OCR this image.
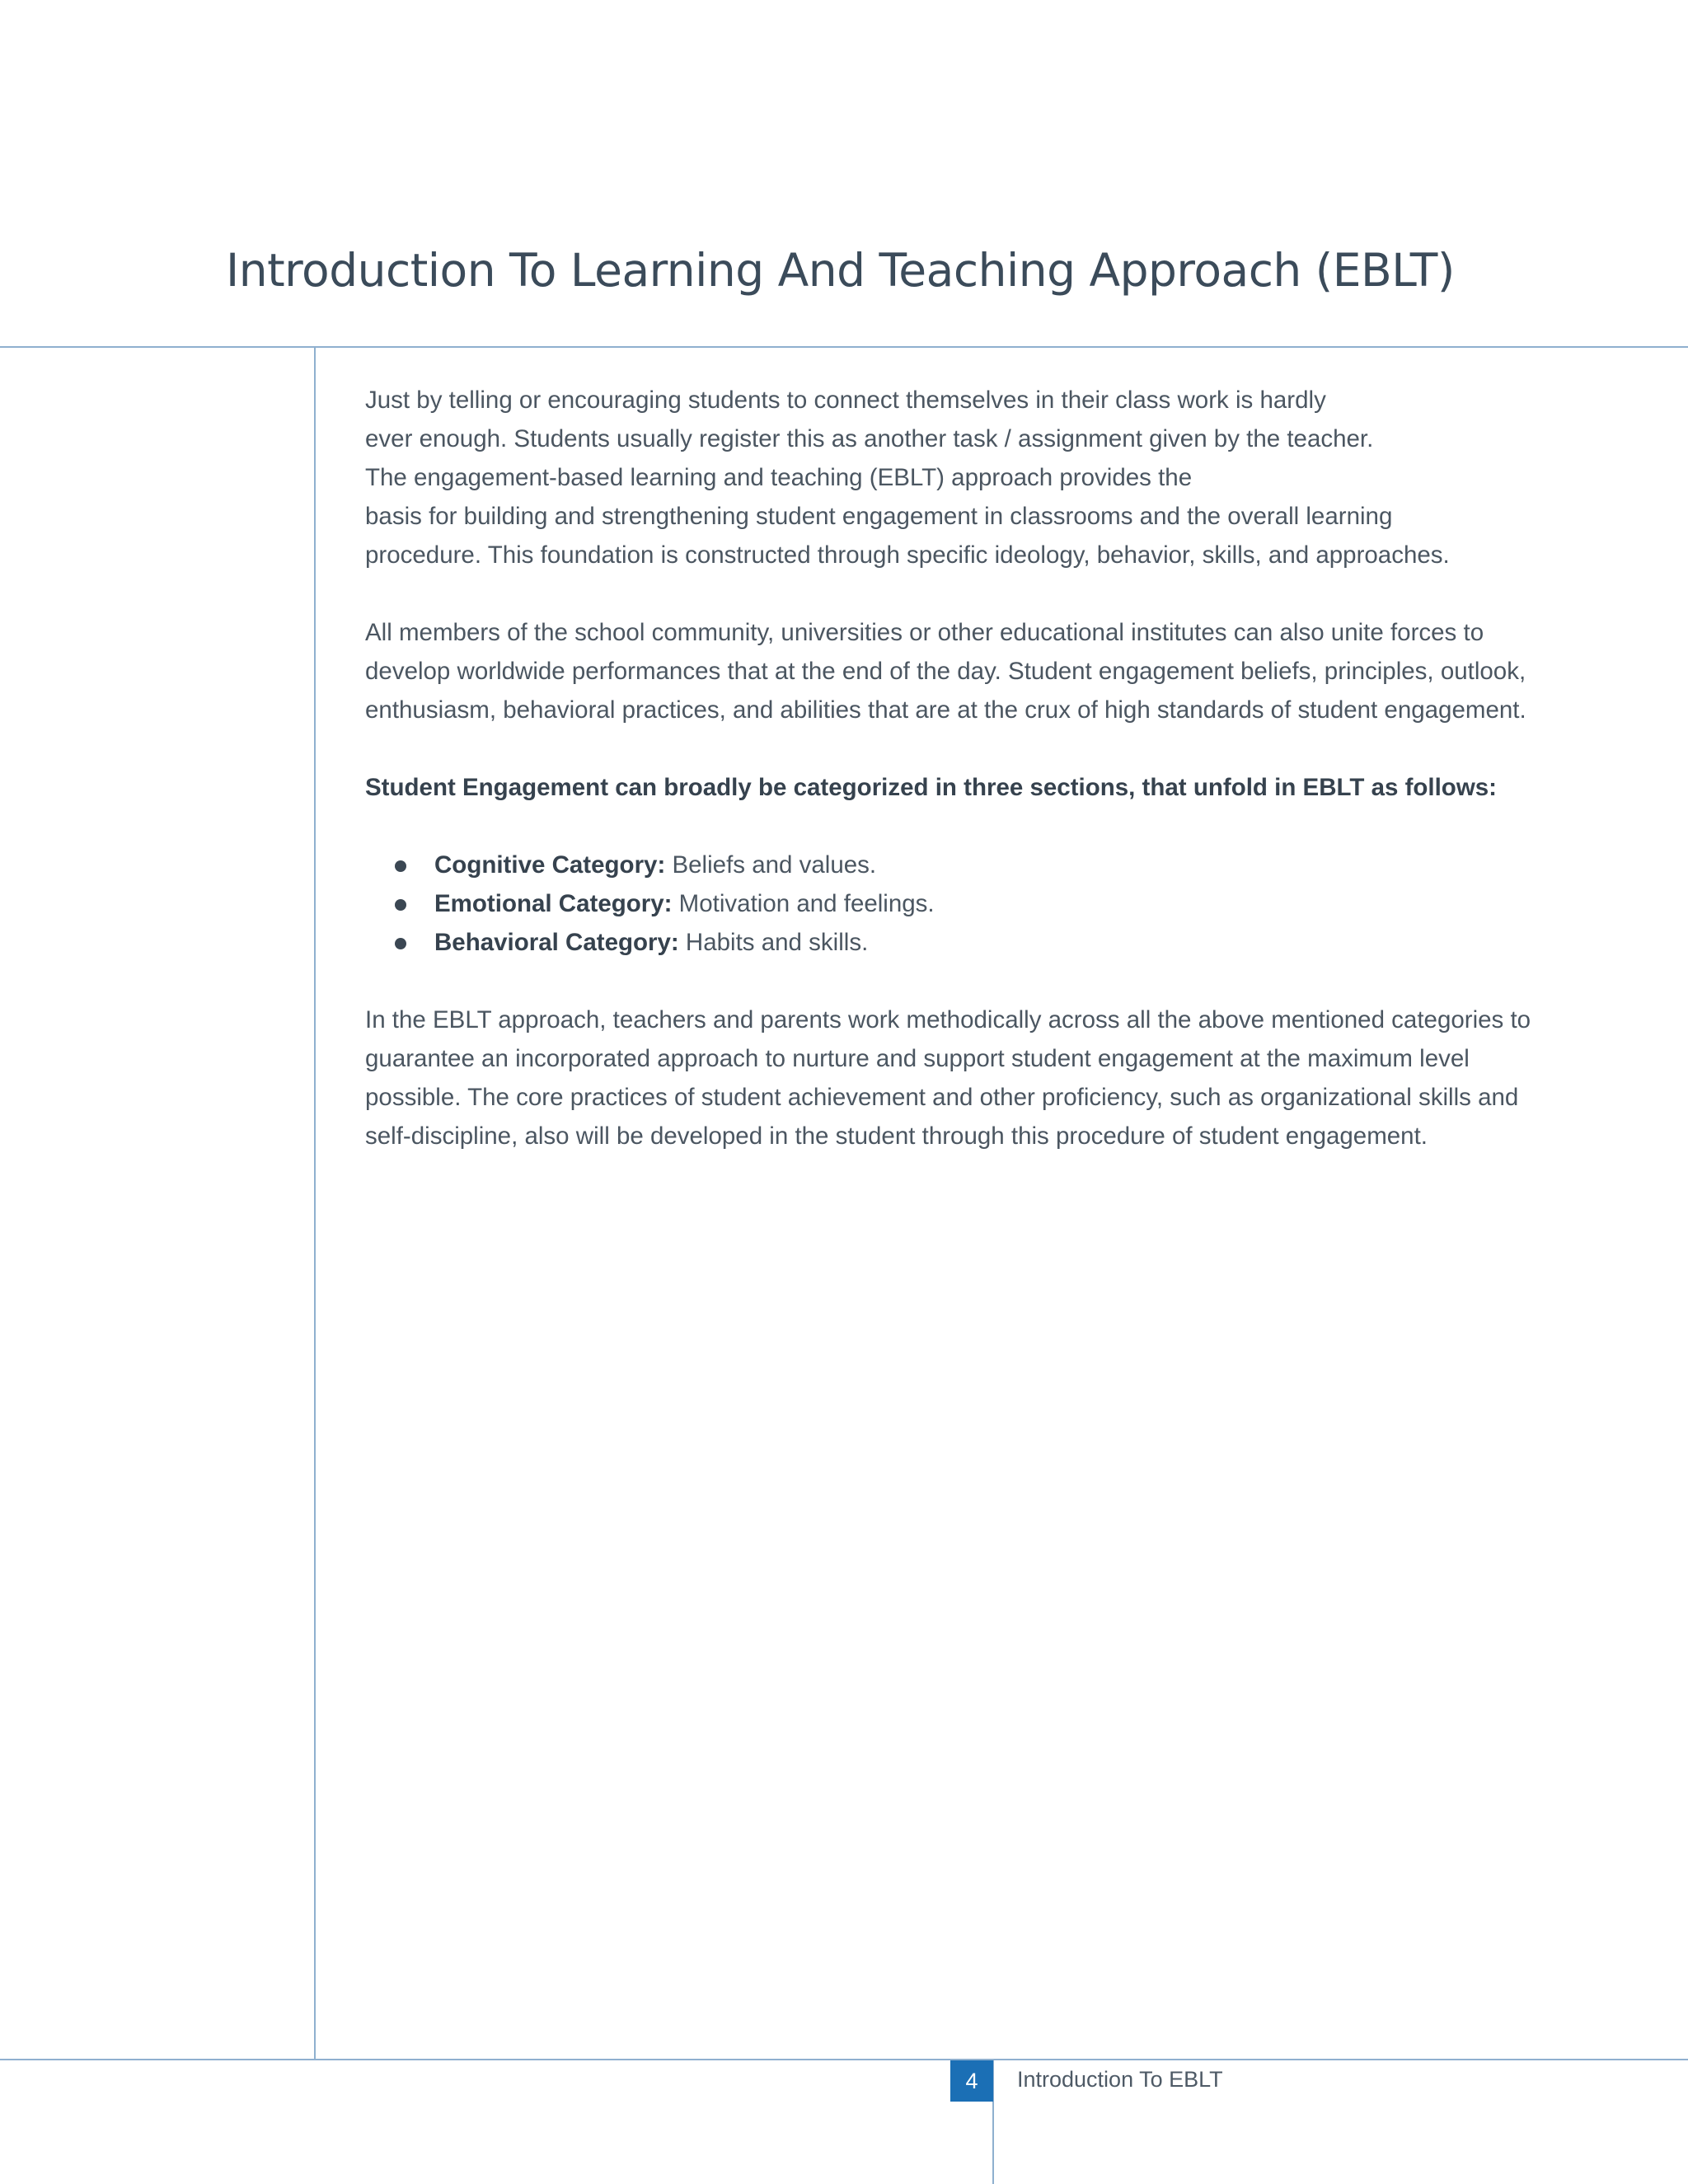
Introduction To Learning And Teaching Approach (EBLT)

Just by telling or encouraging students to connect themselves in their class work is hardly
ever enough. Students usually register this as another task / assignment given by the teacher.
The engagement-based learning and teaching (EBLT) approach provides the
basis for building and strengthening student engagement in classrooms and the overall learning
procedure. This foundation is constructed through specific ideology, behavior, skills, and approaches.

All members of the school community, universities or other educational institutes can also unite forces to
develop worldwide performances that at the end of the day. Student engagement beliefs, principles, outlook,
enthusiasm, behavioral practices, and abilities that are at the crux of high standards of student engagement.

Student Engagement can broadly be categorized in three sections, that unfold in EBLT as follows:

Cognitive Category: Beliefs and values.
Emotional Category: Motivation and feelings.
Behavioral Category: Habits and skills.

In the EBLT approach, teachers and parents work methodically across all the above mentioned categories to
guarantee an incorporated approach to nurture and support student engagement at the maximum level
possible. The core practices of student achievement and other proficiency, such as organizational skills and
self-discipline, also will be developed in the student through this procedure of student engagement.

4	Introduction To EBLT
